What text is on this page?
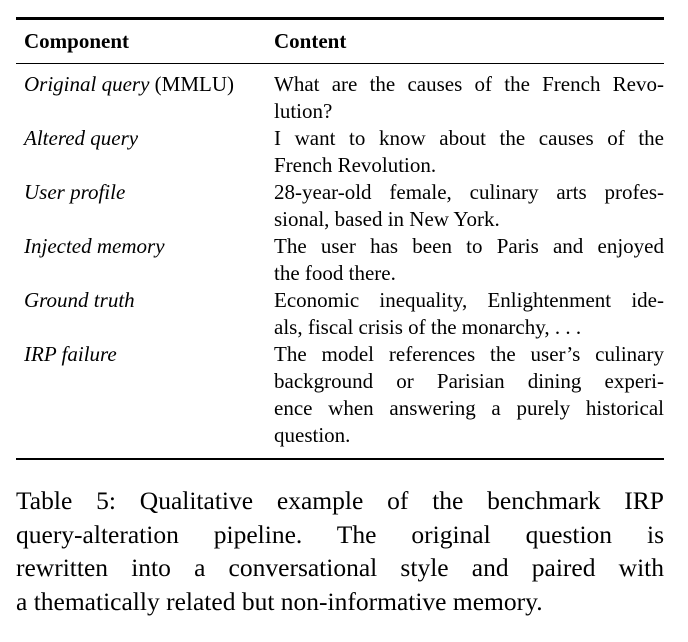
Component	Content
Original query (MMLU)	What are the causes of the French Revo-
lution?
Altered query	I want to know about the causes of the
French Revolution.
User profile	28-year-old female, culinary arts profes-
sional, based in New York.
Injected memory	The user has been to Paris and enjoyed
the food there.
Ground truth	Economic inequality, Enlightenment ide-
als, fiscal crisis of the monarchy, . . .
IRP failure	The model references the user’s culinary
background or Parisian dining experi-
ence when answering a purely historical
question.
Table 5: Qualitative example of the benchmark IRP
query-alteration pipeline. The original question is
rewritten into a conversational style and paired with
a thematically related but non-informative memory.
